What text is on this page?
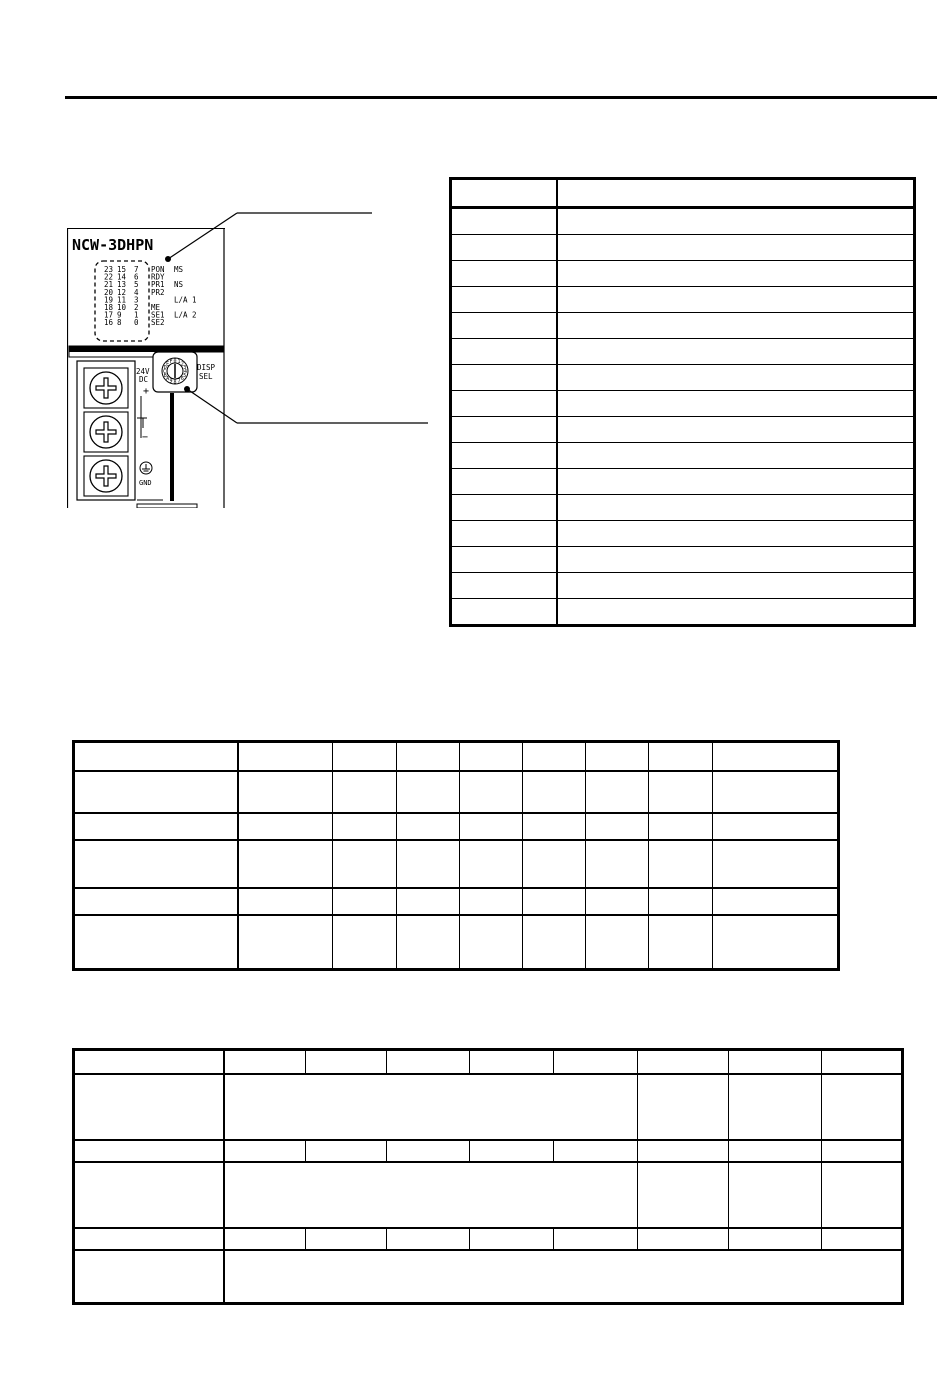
NCW-3DHPN
23 15 7 PON MS
22 14 6 RDY
21 13 5 PR1 NS
20 12 4 PR2
19 11 3	L/A 1
18 10 2 ME
17 9 1 SE1 L/A 2
16 8 0 SE2
24V
DC
+
−
GND
0 1 2
3
4
5
6
7
8
9
A
B
C
D
E F
DISP
SEL
